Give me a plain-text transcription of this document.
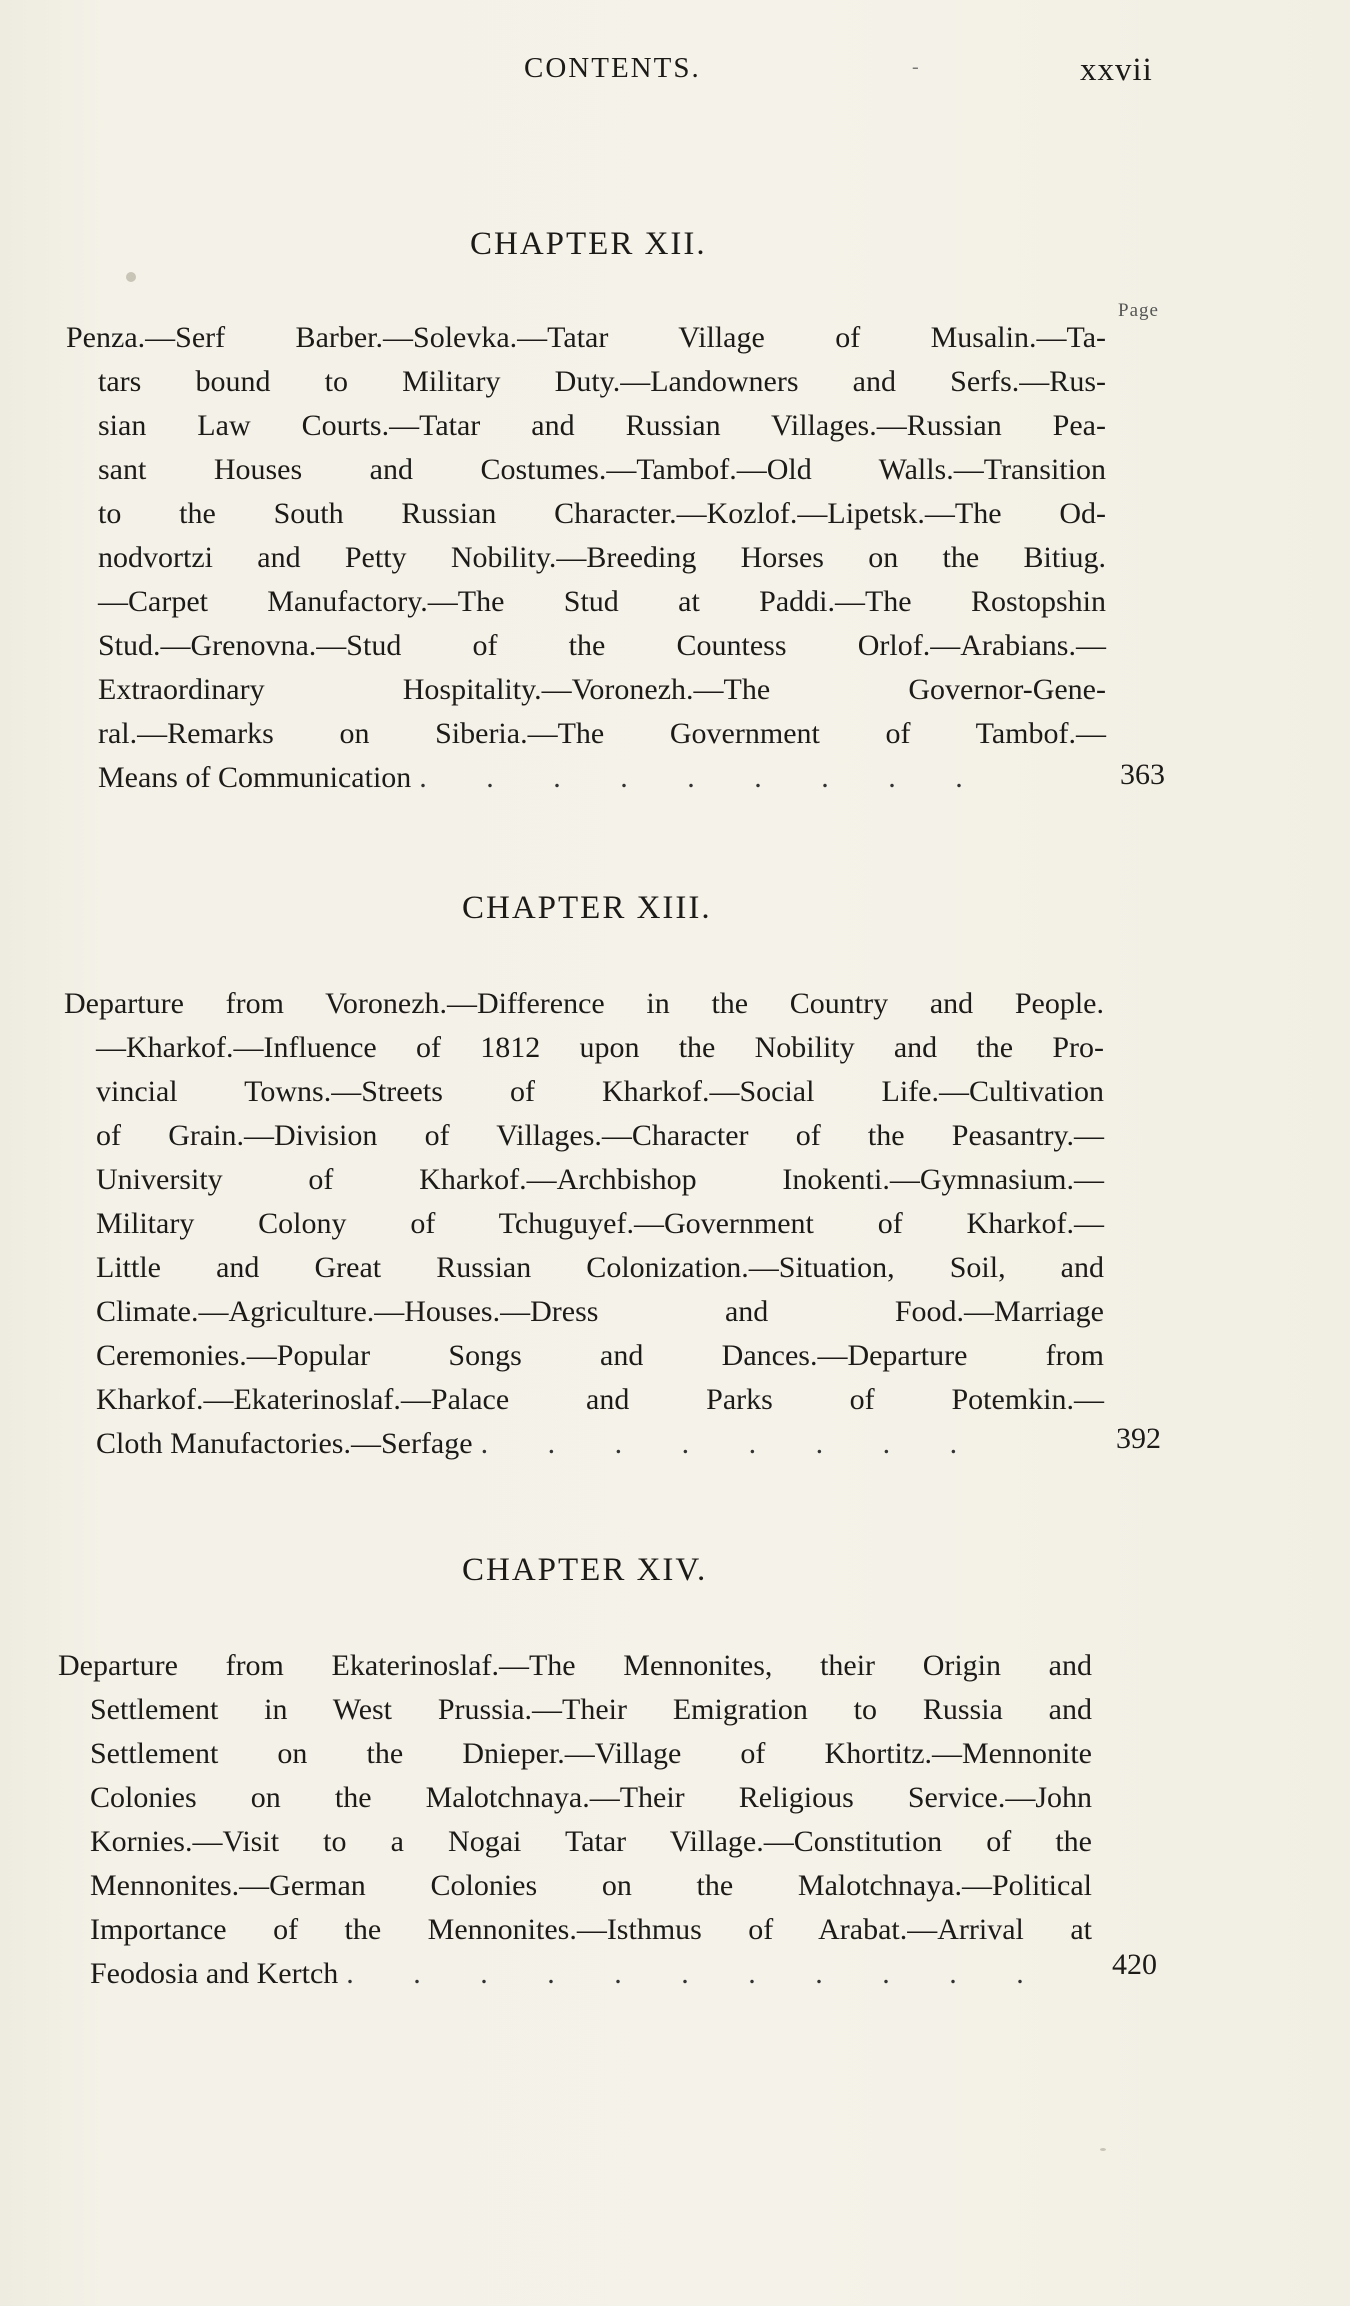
CONTENTS.	-	xxvii
CHAPTER XII.
Page
Penza.—Serf Barber.—Solevka.—Tatar Village of Musalin.—Ta-
tars bound to Military Duty.—Landowners and Serfs.—Rus-
sian Law Courts.—Tatar and Russian Villages.—Russian Pea-
sant Houses and Costumes.—Tambof.—Old Walls.—Transition
to the South Russian Character.—Kozlof.—Lipetsk.—The Od-
nodvortzi and Petty Nobility.—Breeding Horses on the Bitiug.
—Carpet Manufactory.—The Stud at Paddi.—The Rostopshin
Stud.—Grenovna.—Stud of the Countess Orlof.—Arabians.—
Extraordinary Hospitality.—Voronezh.—The Governor-Gene-
ral.—Remarks on Siberia.—The Government of Tambof.—
Means of Communication . . . . . . . . .	363
CHAPTER XIII.
Departure from Voronezh.—Difference in the Country and People.
—Kharkof.—Influence of 1812 upon the Nobility and the Pro-
vincial Towns.—Streets of Kharkof.—Social Life.—Cultivation
of Grain.—Division of Villages.—Character of the Peasantry.—
University of Kharkof.—Archbishop Inokenti.—Gymnasium.—
Military Colony of Tchuguyef.—Government of Kharkof.—
Little and Great Russian Colonization.—Situation, Soil, and
Climate.—Agriculture.—Houses.—Dress and Food.—Marriage
Ceremonies.—Popular Songs and Dances.—Departure from
Kharkof.—Ekaterinoslaf.—Palace and Parks of Potemkin.—
Cloth Manufactories.—Serfage . . . . . . . .	392
CHAPTER XIV.
Departure from Ekaterinoslaf.—The Mennonites, their Origin and
Settlement in West Prussia.—Their Emigration to Russia and
Settlement on the Dnieper.—Village of Khortitz.—Mennonite
Colonies on the Malotchnaya.—Their Religious Service.—John
Kornies.—Visit to a Nogai Tatar Village.—Constitution of the
Mennonites.—German Colonies on the Malotchnaya.—Political
Importance of the Mennonites.—Isthmus of Arabat.—Arrival at
Feodosia and Kertch . . . . . . . . . . .	420
